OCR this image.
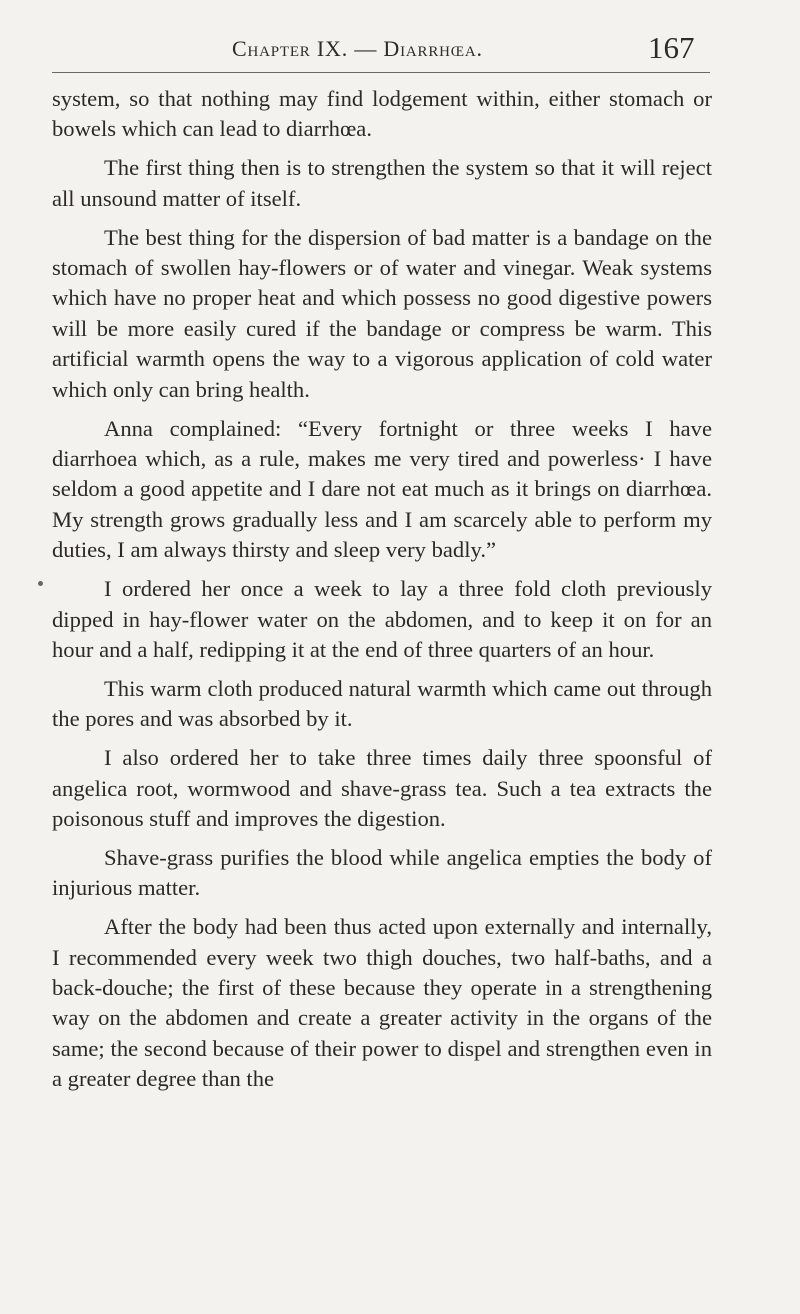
Chapter IX. — Diarrhœa.	167

system, so that nothing may find lodgement within, either stomach or bowels which can lead to diarrhœa.

The first thing then is to strengthen the system so that it will reject all unsound matter of itself.

The best thing for the dispersion of bad matter is a bandage on the stomach of swollen hay-flowers or of water and vinegar. Weak systems which have no proper heat and which possess no good digestive powers will be more easily cured if the bandage or compress be warm. This artificial warmth opens the way to a vigorous application of cold water which only can bring health.

Anna complained: “Every fortnight or three weeks I have diarrhoea which, as a rule, makes me very tired and powerless· I have seldom a good appetite and I dare not eat much as it brings on diarrhœa. My strength grows gradually less and I am scarcely able to perform my duties, I am always thirsty and sleep very badly.”

I ordered her once a week to lay a three fold cloth previously dipped in hay-flower water on the abdomen, and to keep it on for an hour and a half, redipping it at the end of three quarters of an hour.

This warm cloth produced natural warmth which came out through the pores and was absorbed by it.

I also ordered her to take three times daily three spoonsful of angelica root, wormwood and shave-grass tea. Such a tea extracts the poisonous stuff and improves the digestion.

Shave-grass purifies the blood while angelica empties the body of injurious matter.

After the body had been thus acted upon externally and internally, I recommended every week two thigh douches, two half-baths, and a back-douche; the first of these because they operate in a strengthening way on the abdomen and create a greater activity in the organs of the same; the second because of their power to dispel and strengthen even in a greater degree than the
